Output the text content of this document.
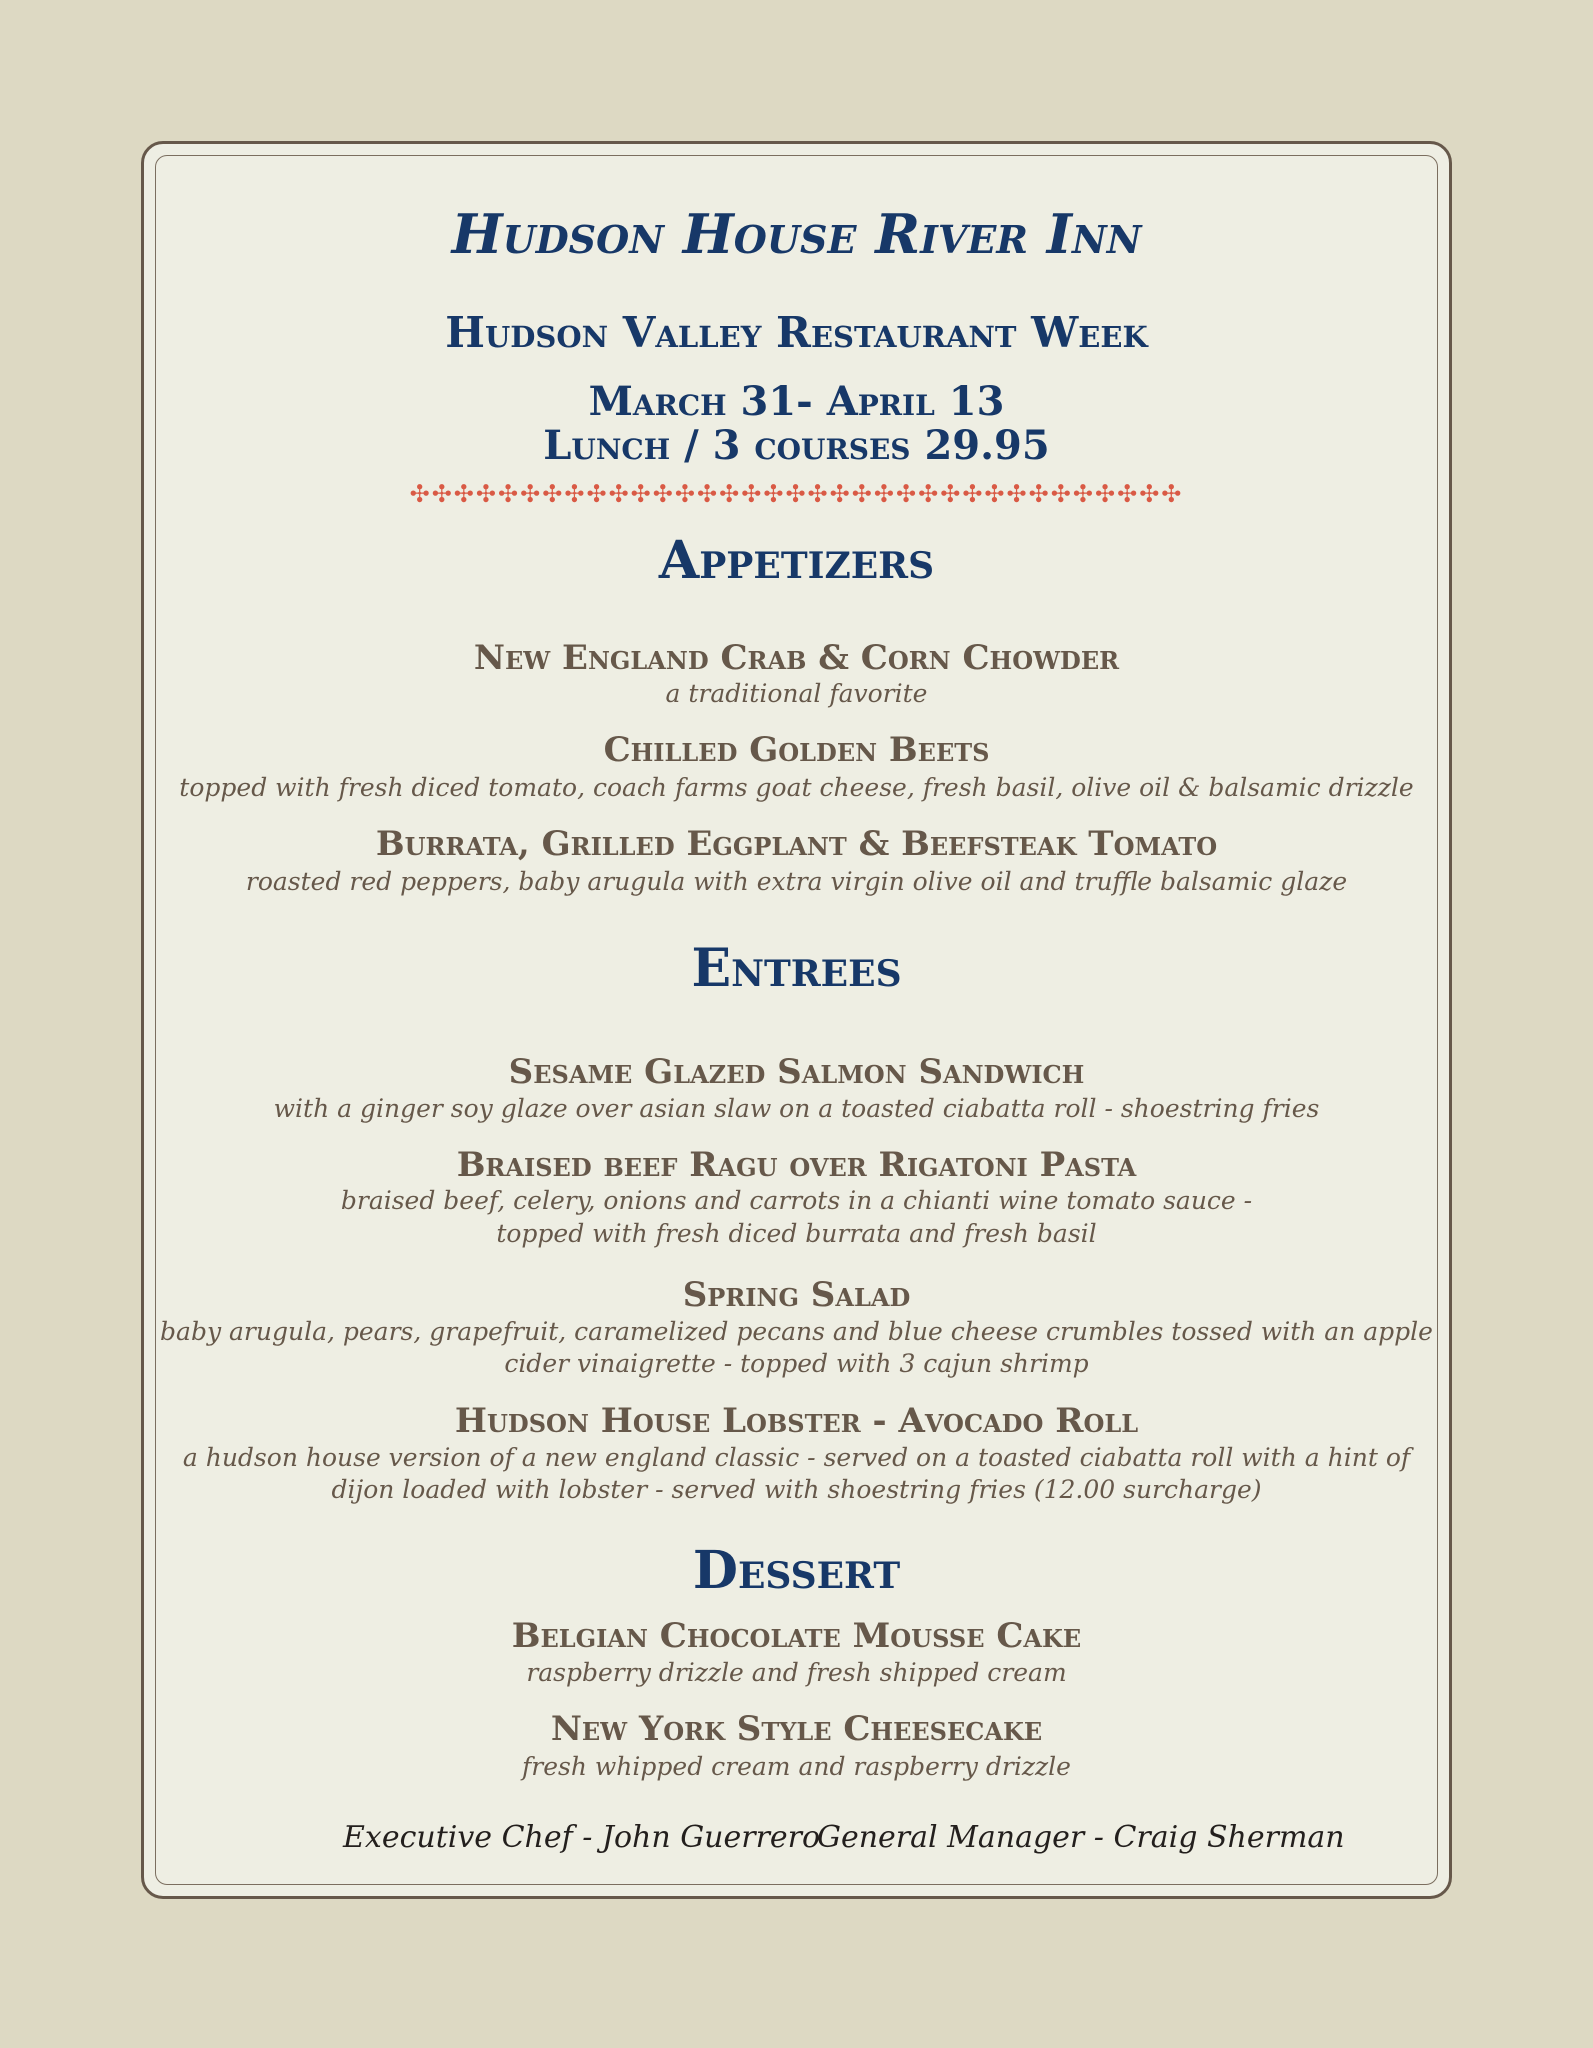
Hudson House River Inn
Hudson Valley Restaurant Week
March 31- April 13
Lunch / 3 courses 29.95
✣✣✣✣✣✣✣✣✣✣✣✣✣✣✣✣✣✣✣✣✣✣✣✣✣✣✣✣✣✣✣✣✣✣✣
Appetizers
New England Crab & Corn Chowder
a traditional favorite
Chilled Golden Beets
topped with fresh diced tomato, coach farms goat cheese, fresh basil, olive oil & balsamic drizzle
Burrata, Grilled Eggplant & Beefsteak Tomato
roasted red peppers, baby arugula with extra virgin olive oil and truffle balsamic glaze
Entrees
Sesame Glazed Salmon Sandwich
with a ginger soy glaze over asian slaw on a toasted ciabatta roll - shoestring fries
Braised beef Ragu over Rigatoni Pasta
braised beef, celery, onions and carrots in a chianti wine tomato sauce -
topped with fresh diced burrata and fresh basil
Spring Salad
baby arugula, pears, grapefruit, caramelized pecans and blue cheese crumbles tossed with an apple
cider vinaigrette - topped with 3 cajun shrimp
Hudson House Lobster - Avocado Roll
a hudson house version of a new england classic - served on a toasted ciabatta roll with a hint of
dijon loaded with lobster - served with shoestring fries (12.00 surcharge)
Dessert
Belgian Chocolate Mousse Cake
raspberry drizzle and fresh shipped cream
New York Style Cheesecake
fresh whipped cream and raspberry drizzle
Executive Chef - John Guerrero
General Manager - Craig Sherman
